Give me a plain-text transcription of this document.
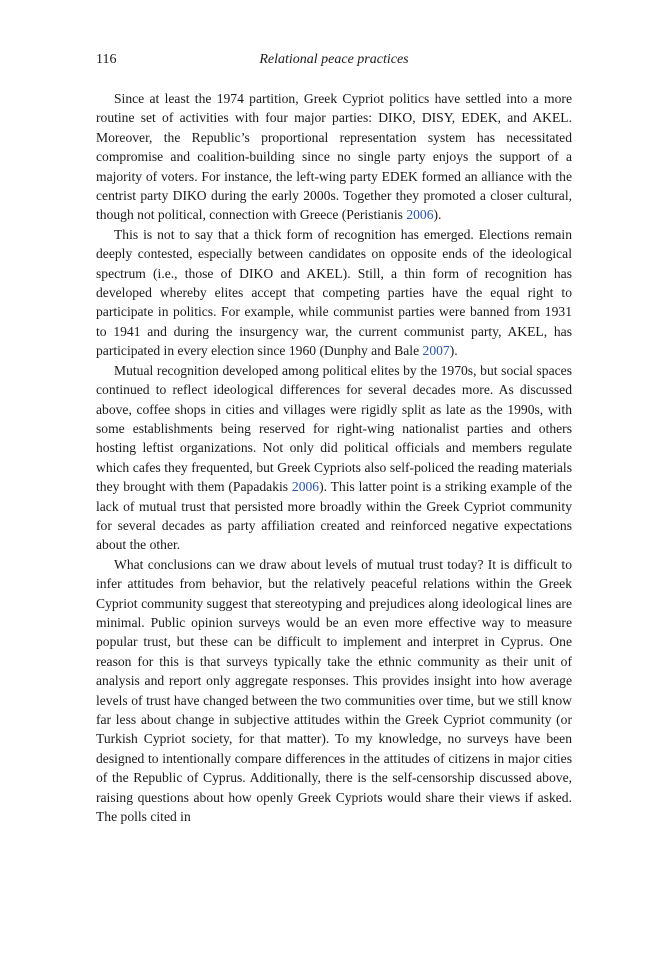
116	Relational peace practices

Since at least the 1974 partition, Greek Cypriot politics have settled into a more routine set of activities with four major parties: DIKO, DISY, EDEK, and AKEL. Moreover, the Republic’s proportional representation system has necessitated compromise and coalition-building since no single party enjoys the support of a majority of voters. For instance, the left-wing party EDEK formed an alliance with the centrist party DIKO during the early 2000s. Together they promoted a closer cultural, though not political, connection with Greece (Peristianis 2006).

This is not to say that a thick form of recognition has emerged. Elections remain deeply contested, especially between candidates on opposite ends of the ideological spectrum (i.e., those of DIKO and AKEL). Still, a thin form of recognition has developed whereby elites accept that competing parties have the equal right to participate in politics. For example, while communist parties were banned from 1931 to 1941 and during the insurgency war, the current communist party, AKEL, has participated in every election since 1960 (Dunphy and Bale 2007).

Mutual recognition developed among political elites by the 1970s, but social spaces continued to reflect ideological differences for several decades more. As discussed above, coffee shops in cities and villages were rigidly split as late as the 1990s, with some establishments being reserved for right-wing nationalist parties and others hosting leftist organizations. Not only did political officials and members regulate which cafes they frequented, but Greek Cypriots also self-policed the reading materials they brought with them (Papadakis 2006). This latter point is a striking example of the lack of mutual trust that persisted more broadly within the Greek Cypriot community for several decades as party affiliation created and reinforced negative expectations about the other.

What conclusions can we draw about levels of mutual trust today? It is difficult to infer attitudes from behavior, but the relatively peaceful relations within the Greek Cypriot community suggest that stereotyping and prejudices along ideological lines are minimal. Public opinion surveys would be an even more effective way to measure popular trust, but these can be difficult to implement and interpret in Cyprus. One reason for this is that surveys typically take the ethnic community as their unit of analysis and report only aggregate responses. This provides insight into how average levels of trust have changed between the two communities over time, but we still know far less about change in subjective attitudes within the Greek Cypriot community (or Turkish Cypriot society, for that matter). To my knowledge, no surveys have been designed to intentionally compare differences in the attitudes of citizens in major cities of the Republic of Cyprus. Additionally, there is the self-censorship discussed above, raising questions about how openly Greek Cypriots would share their views if asked. The polls cited in
